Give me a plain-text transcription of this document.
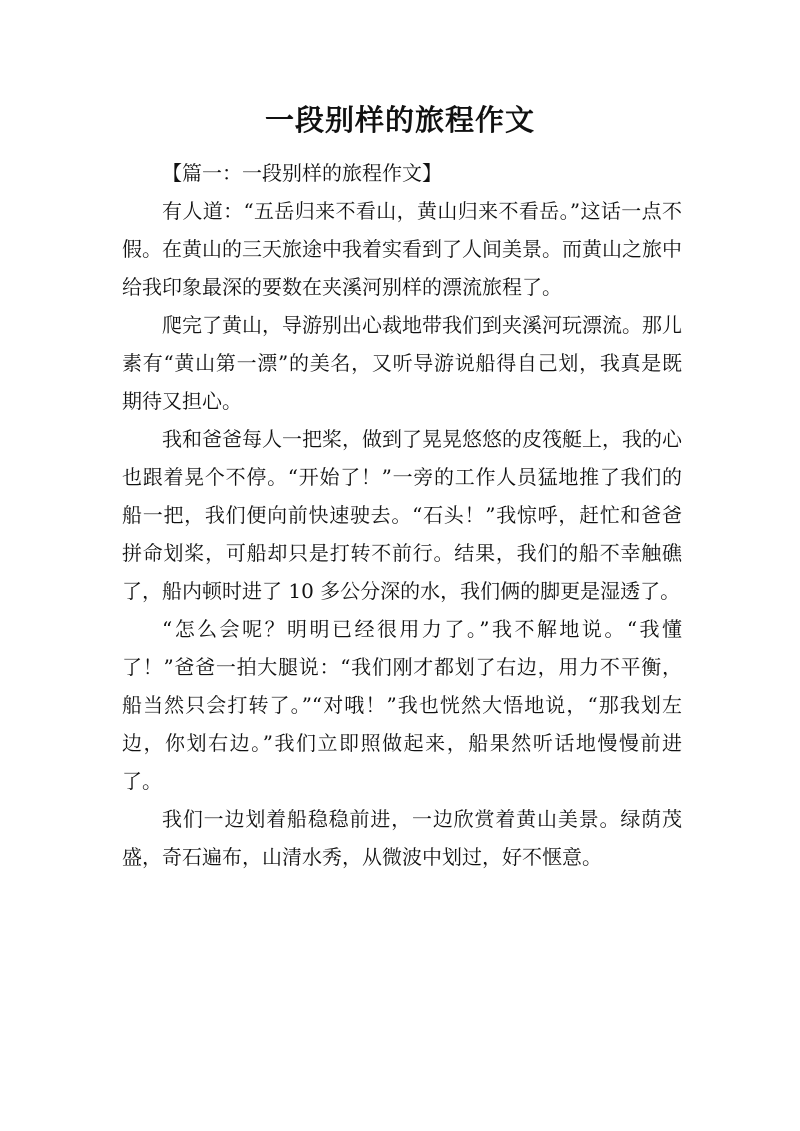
一段别样的旅程作文

【篇一：一段别样的旅程作文】

有人道：“五岳归来不看山，黄山归来不看岳。”这话一点不假。在黄山的三天旅途中我着实看到了人间美景。而黄山之旅中给我印象最深的要数在夹溪河别样的漂流旅程了。

爬完了黄山，导游别出心裁地带我们到夹溪河玩漂流。那儿素有“黄山第一漂”的美名，又听导游说船得自己划，我真是既期待又担心。

我和爸爸每人一把桨，做到了晃晃悠悠的皮筏艇上，我的心也跟着晃个不停。“开始了！”一旁的工作人员猛地推了我们的船一把，我们便向前快速驶去。“石头！”我惊呼，赶忙和爸爸拼命划桨，可船却只是打转不前行。结果，我们的船不幸触礁了，船内顿时进了 10 多公分深的水，我们俩的脚更是湿透了。

“怎么会呢？明明已经很用力了。”我不解地说。“我懂了！”爸爸一拍大腿说：“我们刚才都划了右边，用力不平衡，船当然只会打转了。”“对哦！”我也恍然大悟地说，“那我划左边，你划右边。”我们立即照做起来，船果然听话地慢慢前进了。

我们一边划着船稳稳前进，一边欣赏着黄山美景。绿荫茂盛，奇石遍布，山清水秀，从微波中划过，好不惬意。
